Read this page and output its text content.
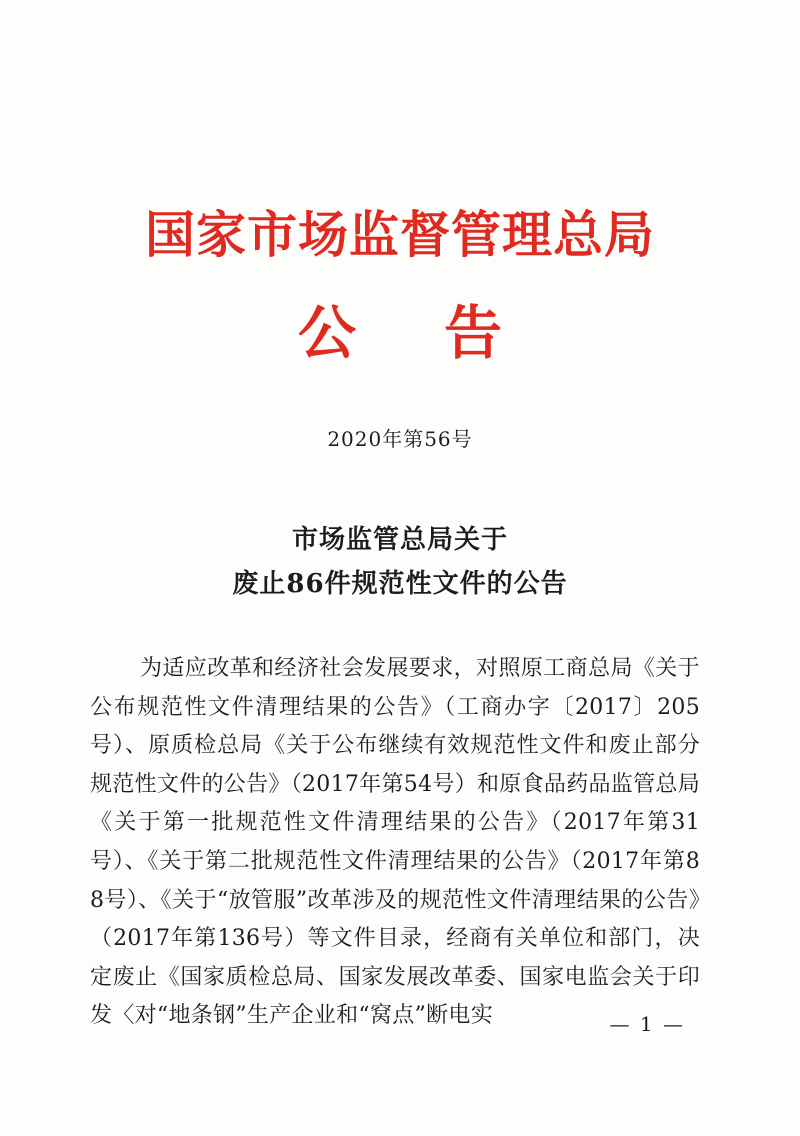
国家市场监督管理总局
公告
2020年第56号
市场监管总局关于
废止86件规范性文件的公告
为适应改革和经济社会发展要求，对照原工商总局《关于公布规范性文件清理结果的公告》（工商办字〔2017〕205号）、原质检总局《关于公布继续有效规范性文件和废止部分规范性文件的公告》（2017年第54号）和原食品药品监管总局《关于第一批规范性文件清理结果的公告》（2017年第31号）、《关于第二批规范性文件清理结果的公告》（2017年第88号）、《关于“放管服”改革涉及的规范性文件清理结果的公告》（2017年第136号）等文件目录，经商有关单位和部门，决定废止《国家质检总局、国家发展改革委、国家电监会关于印发〈对“地条钢”生产企业和“窝点”断电实	— 1 —
